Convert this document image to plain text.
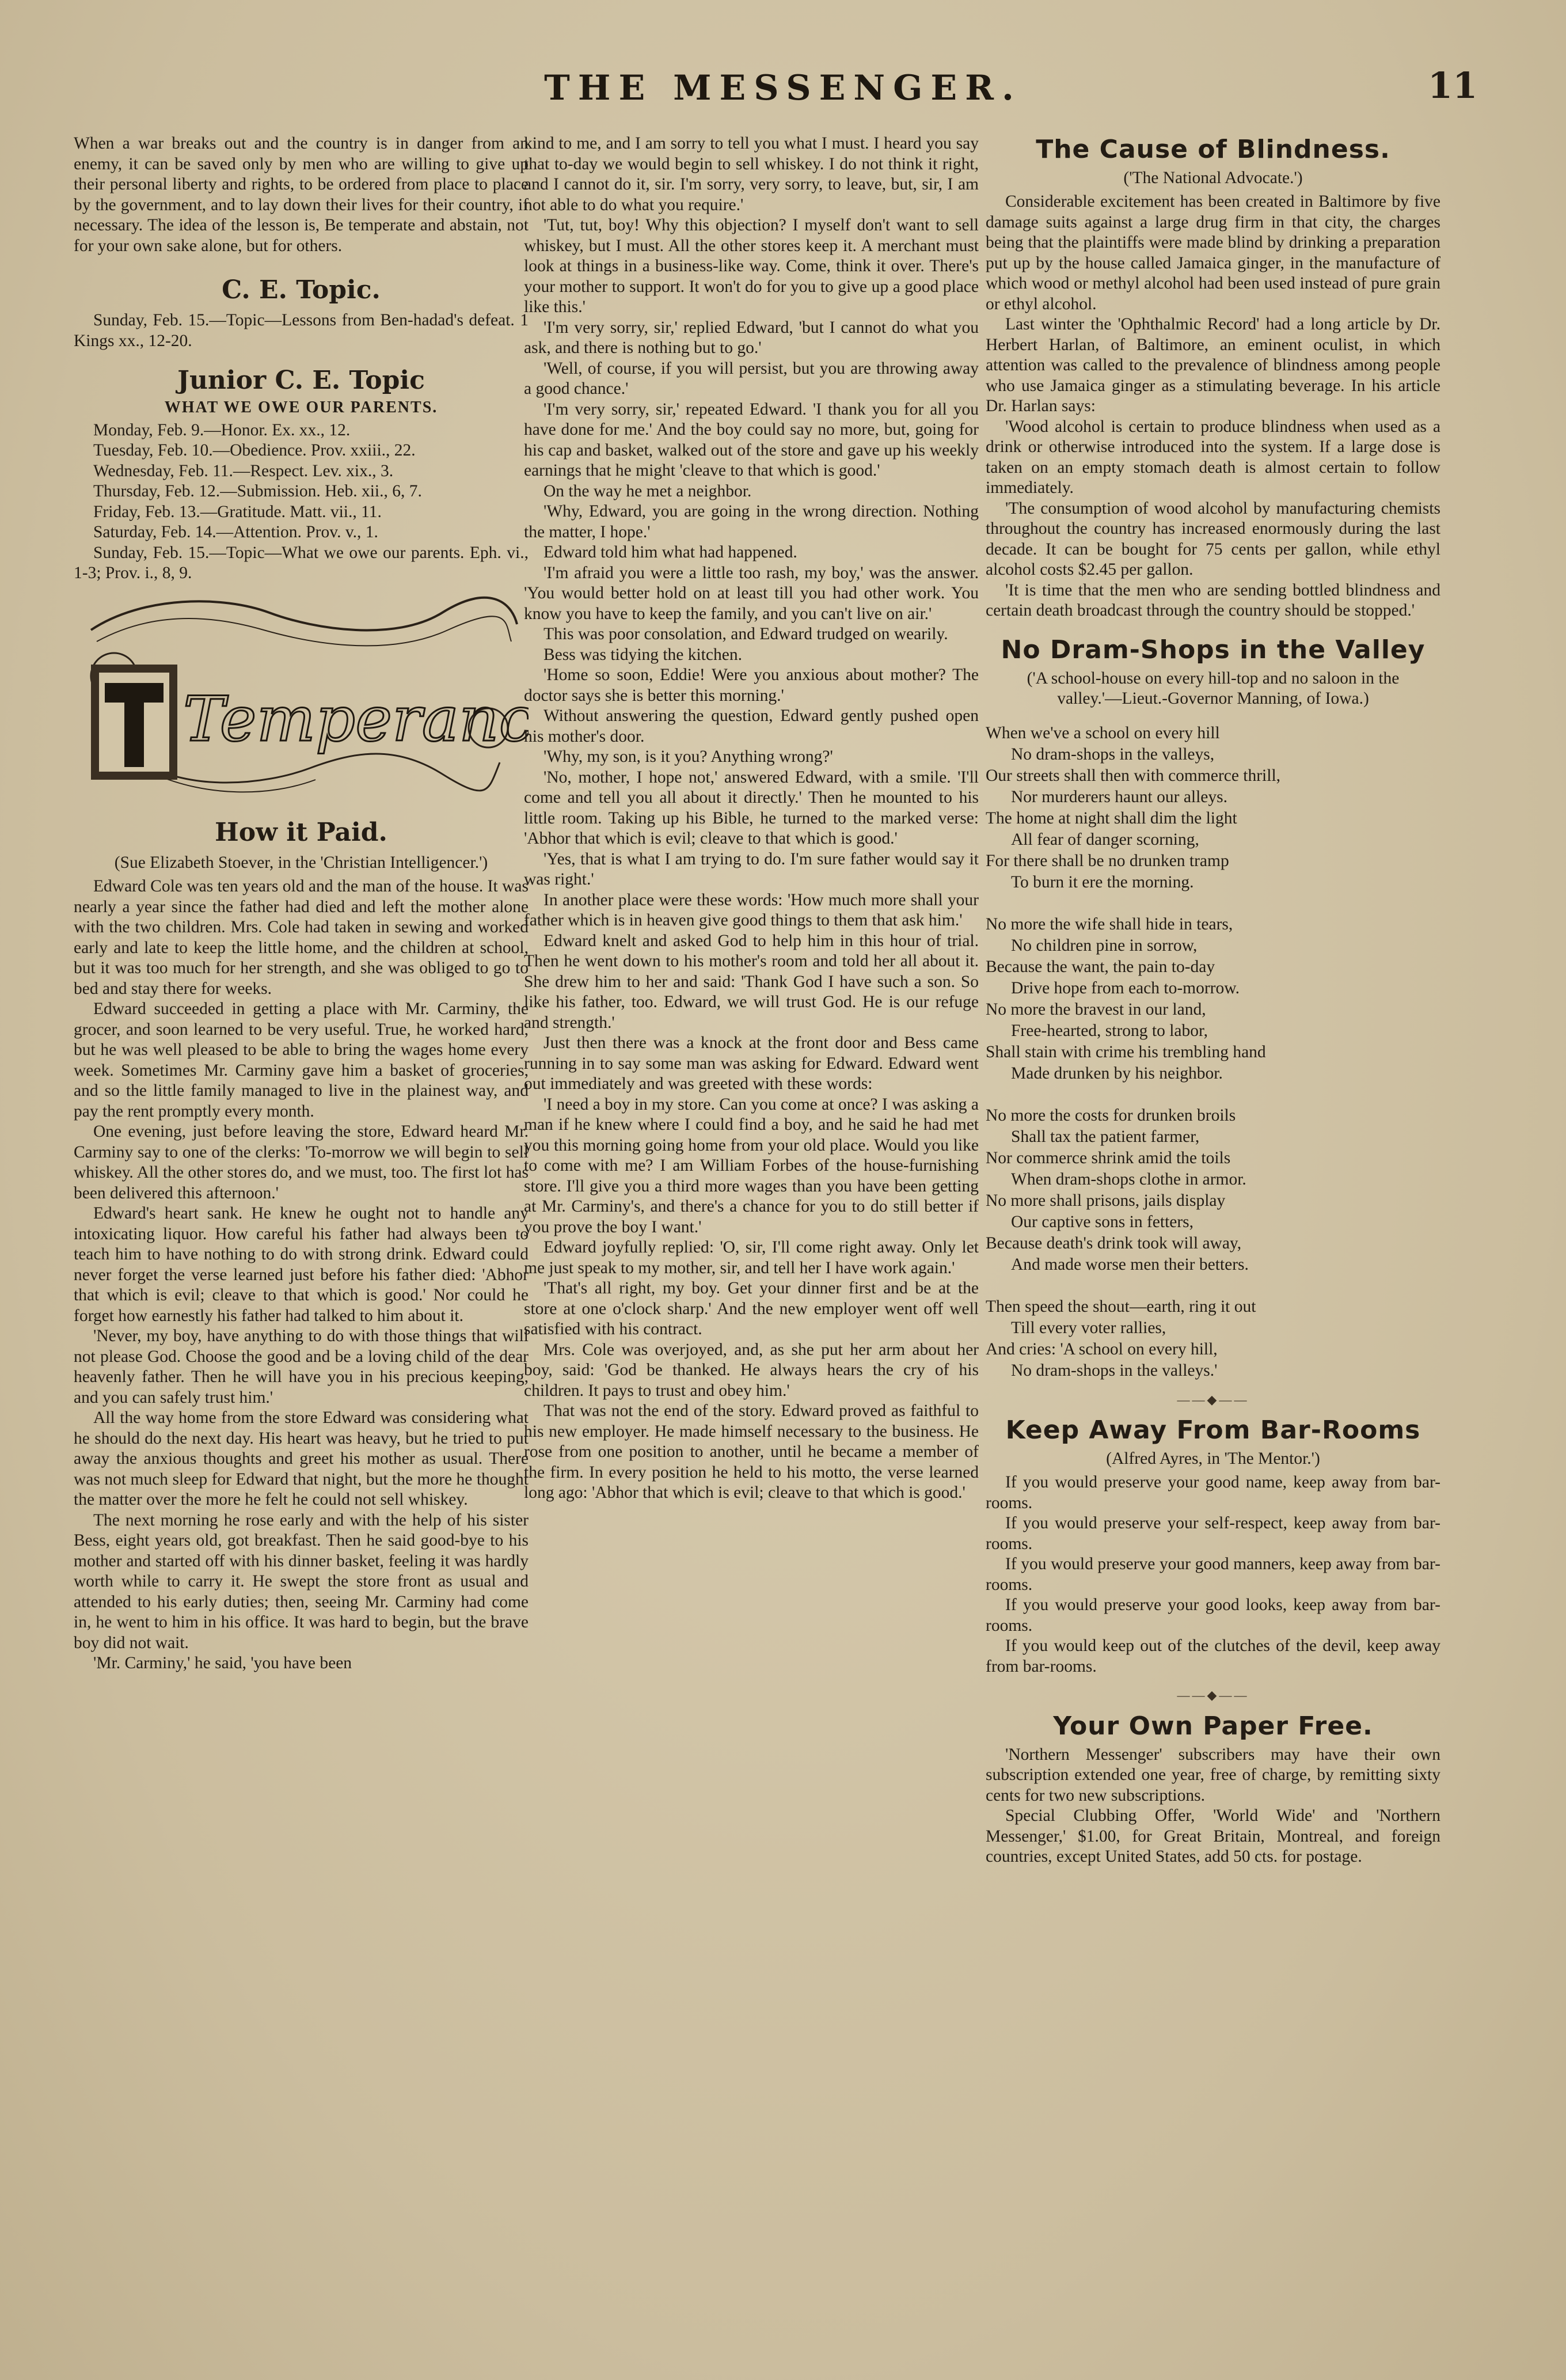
THE MESSENGER.	11

When a war breaks out and the country is in danger from an enemy, it can be saved only by men who are willing to give up their personal liberty and rights, to be ordered from place to place by the government, and to lay down their lives for their country, if necessary. The idea of the lesson is, Be temperate and abstain, not for your own sake alone, but for others.

C. E. Topic.

Sunday, Feb. 15.—Topic—Lessons from Ben-hadad's defeat. 1 Kings xx., 12-20.

Junior C. E. Topic
WHAT WE OWE OUR PARENTS.

Monday, Feb. 9.—Honor. Ex. xx., 12.

Tuesday, Feb. 10.—Obedience. Prov. xxiii., 22.

Wednesday, Feb. 11.—Respect. Lev. xix., 3.

Thursday, Feb. 12.—Submission. Heb. xii., 6, 7.

Friday, Feb. 13.—Gratitude. Matt. vii., 11.

Saturday, Feb. 14.—Attention. Prov. v., 1.

Sunday, Feb. 15.—Topic—What we owe our parents. Eph. vi., 1-3; Prov. i., 8, 9.

Temperan
How it Paid.
(Sue Elizabeth Stoever, in the 'Christian Intelligencer.')

Edward Cole was ten years old and the man of the house. It was nearly a year since the father had died and left the mother alone with the two children. Mrs. Cole had taken in sewing and worked early and late to keep the little home, and the children at school, but it was too much for her strength, and she was obliged to go to bed and stay there for weeks.

Edward succeeded in getting a place with Mr. Carminy, the grocer, and soon learned to be very useful. True, he worked hard, but he was well pleased to be able to bring the wages home every week. Sometimes Mr. Carminy gave him a basket of groceries, and so the little family managed to live in the plainest way, and pay the rent promptly every month.

One evening, just before leaving the store, Edward heard Mr. Carminy say to one of the clerks: 'To-morrow we will begin to sell whiskey. All the other stores do, and we must, too. The first lot has been delivered this afternoon.'

Edward's heart sank. He knew he ought not to handle any intoxicating liquor. How careful his father had always been to teach him to have nothing to do with strong drink. Edward could never forget the verse learned just before his father died: 'Abhor that which is evil; cleave to that which is good.' Nor could he forget how earnestly his father had talked to him about it.

'Never, my boy, have anything to do with those things that will not please God. Choose the good and be a loving child of the dear heavenly father. Then he will have you in his precious keeping, and you can safely trust him.'

All the way home from the store Edward was considering what he should do the next day. His heart was heavy, but he tried to put away the anxious thoughts and greet his mother as usual. There was not much sleep for Edward that night, but the more he thought the matter over the more he felt he could not sell whiskey.

The next morning he rose early and with the help of his sister Bess, eight years old, got breakfast. Then he said good-bye to his mother and started off with his dinner basket, feeling it was hardly worth while to carry it. He swept the store front as usual and attended to his early duties; then, seeing Mr. Carminy had come in, he went to him in his office. It was hard to begin, but the brave boy did not wait.

'Mr. Carminy,' he said, 'you have been

kind to me, and I am sorry to tell you what I must. I heard you say that to-day we would begin to sell whiskey. I do not think it right, and I cannot do it, sir. I'm sorry, very sorry, to leave, but, sir, I am not able to do what you require.'

'Tut, tut, boy! Why this objection? I myself don't want to sell whiskey, but I must. All the other stores keep it. A merchant must look at things in a business-like way. Come, think it over. There's your mother to support. It won't do for you to give up a good place like this.'

'I'm very sorry, sir,' replied Edward, 'but I cannot do what you ask, and there is nothing but to go.'

'Well, of course, if you will persist, but you are throwing away a good chance.'

'I'm very sorry, sir,' repeated Edward. 'I thank you for all you have done for me.' And the boy could say no more, but, going for his cap and basket, walked out of the store and gave up his weekly earnings that he might 'cleave to that which is good.'

On the way he met a neighbor.

'Why, Edward, you are going in the wrong direction. Nothing the matter, I hope.'

Edward told him what had happened.

'I'm afraid you were a little too rash, my boy,' was the answer. 'You would better hold on at least till you had other work. You know you have to keep the family, and you can't live on air.'

This was poor consolation, and Edward trudged on wearily.

Bess was tidying the kitchen.

'Home so soon, Eddie! Were you anxious about mother? The doctor says she is better this morning.'

Without answering the question, Edward gently pushed open his mother's door.

'Why, my son, is it you? Anything wrong?'

'No, mother, I hope not,' answered Edward, with a smile. 'I'll come and tell you all about it directly.' Then he mounted to his little room. Taking up his Bible, he turned to the marked verse: 'Abhor that which is evil; cleave to that which is good.'

'Yes, that is what I am trying to do. I'm sure father would say it was right.'

In another place were these words: 'How much more shall your father which is in heaven give good things to them that ask him.'

Edward knelt and asked God to help him in this hour of trial. Then he went down to his mother's room and told her all about it. She drew him to her and said: 'Thank God I have such a son. So like his father, too. Edward, we will trust God. He is our refuge and strength.'

Just then there was a knock at the front door and Bess came running in to say some man was asking for Edward. Edward went out immediately and was greeted with these words:

'I need a boy in my store. Can you come at once? I was asking a man if he knew where I could find a boy, and he said he had met you this morning going home from your old place. Would you like to come with me? I am William Forbes of the house-furnishing store. I'll give you a third more wages than you have been getting at Mr. Carminy's, and there's a chance for you to do still better if you prove the boy I want.'

Edward joyfully replied: 'O, sir, I'll come right away. Only let me just speak to my mother, sir, and tell her I have work again.'

'That's all right, my boy. Get your dinner first and be at the store at one o'clock sharp.' And the new employer went off well satisfied with his contract.

Mrs. Cole was overjoyed, and, as she put her arm about her boy, said: 'God be thanked. He always hears the cry of his children. It pays to trust and obey him.'

That was not the end of the story. Edward proved as faithful to his new employer. He made himself necessary to the business. He rose from one position to another, until he became a member of the firm. In every position he held to his motto, the verse learned long ago: 'Abhor that which is evil; cleave to that which is good.'

The Cause of Blindness.
('The National Advocate.')

Considerable excitement has been created in Baltimore by five damage suits against a large drug firm in that city, the charges being that the plaintiffs were made blind by drinking a preparation put up by the house called Jamaica ginger, in the manufacture of which wood or methyl alcohol had been used instead of pure grain or ethyl alcohol.

Last winter the 'Ophthalmic Record' had a long article by Dr. Herbert Harlan, of Baltimore, an eminent oculist, in which attention was called to the prevalence of blindness among people who use Jamaica ginger as a stimulating beverage. In his article Dr. Harlan says:

'Wood alcohol is certain to produce blindness when used as a drink or otherwise introduced into the system. If a large dose is taken on an empty stomach death is almost certain to follow immediately.

'The consumption of wood alcohol by manufacturing chemists throughout the country has increased enormously during the last decade. It can be bought for 75 cents per gallon, while ethyl alcohol costs $2.45 per gallon.

'It is time that the men who are sending bottled blindness and certain death broadcast through the country should be stopped.'

No Dram-Shops in the Valley
('A school-house on every hill-top and no saloon in the valley.'—Lieut.-Governor Manning, of Iowa.)
When we've a school on every hill
No dram-shops in the valleys,
Our streets shall then with commerce thrill,
Nor murderers haunt our alleys.
The home at night shall dim the light
All fear of danger scorning,
For there shall be no drunken tramp
To burn it ere the morning.
No more the wife shall hide in tears,
No children pine in sorrow,
Because the want, the pain to-day
Drive hope from each to-morrow.
No more the bravest in our land,
Free-hearted, strong to labor,
Shall stain with crime his trembling hand
Made drunken by his neighbor.
No more the costs for drunken broils
Shall tax the patient farmer,
Nor commerce shrink amid the toils
When dram-shops clothe in armor.
No more shall prisons, jails display
Our captive sons in fetters,
Because death's drink took will away,
And made worse men their betters.
Then speed the shout—earth, ring it out
Till every voter rallies,
And cries: 'A school on every hill,
No dram-shops in the valleys.'
——◆——
Keep Away From Bar-Rooms
(Alfred Ayres, in 'The Mentor.')

If you would preserve your good name, keep away from bar-rooms.

If you would preserve your self-respect, keep away from bar-rooms.

If you would preserve your good manners, keep away from bar-rooms.

If you would preserve your good looks, keep away from bar-rooms.

If you would keep out of the clutches of the devil, keep away from bar-rooms.

——◆——
Your Own Paper Free.

'Northern Messenger' subscribers may have their own subscription extended one year, free of charge, by remitting sixty cents for two new subscriptions.

Special Clubbing Offer, 'World Wide' and 'Northern Messenger,' $1.00, for Great Britain, Montreal, and foreign countries, except United States, add 50 cts. for postage.
